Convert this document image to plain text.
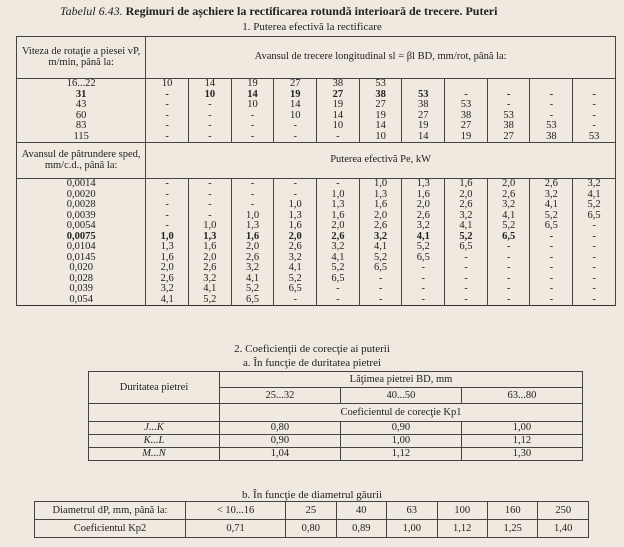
Tabelul 6.43. Regimuri de așchiere la rectificarea rotundă interioară de trecere. Puteri
1. Puterea efectivă la rectificare
Viteza de rotaţie a piesei vP, m/min, până la:	Avansul de trecere longitudinal sl = βl BD, mm/rot, până la:										
16...22	10	14	19	27	38	53					
31	-	10	14	19	27	38	53	-	-	-	-
43	-	-	10	14	19	27	38	53	-	-	-
60	-	-	-	10	14	19	27	38	53	-	-
83	-	-	-	-	10	14	19	27	38	53	-
115	-	-	-	-	-	10	14	19	27	38	53
Avansul de pătrundere sped, mm/c.d., până la:	Puterea efectivă Pe, kW										
0,0014	-	-	-	-	-	1,0	1,3	1,6	2,0	2,6	3,2
0,0020	-	-	-	-	1,0	1,3	1,6	2,0	2,6	3,2	4,1
0,0028	-	-	-	1,0	1,3	1,6	2,0	2,6	3,2	4,1	5,2
0,0039	-	-	1,0	1,3	1,6	2,0	2,6	3,2	4,1	5,2	6,5
0,0054	-	1,0	1,3	1,6	2,0	2,6	3,2	4,1	5,2	6,5	-
0,0075	1,0	1,3	1,6	2,0	2,6	3,2	4,1	5,2	6,5	-	-
0,0104	1,3	1,6	2,0	2,6	3,2	4,1	5,2	6,5	-	-	-
0,0145	1,6	2,0	2,6	3,2	4,1	5,2	6,5	-	-	-	-
0,020	2,0	2,6	3,2	4,1	5,2	6,5	-	-	-	-	-
0,028	2,6	3,2	4,1	5,2	6,5	-	-	-	-	-	-
0,039	3,2	4,1	5,2	6,5	-	-	-	-	-	-	-
0,054	4,1	5,2	6,5	-	-	-	-	-	-	-	-
2. Coeficienţii de corecţie ai puterii
a. În funcţie de duritatea pietrei
Duritatea pietrei	Lăţimea pietrei BD, mm		
	25...32	40...50	63...80
	Coeficientul de corecţie Kp1		
J...K	0,80	0,90	1,00
K...L	0,90	1,00	1,12
M...N	1,04	1,12	1,30
b. În funcţie de diametrul găurii
Diametrul dP, mm, până la:	< 10...16	25	40	63	100	160	250
Coeficientul Kp2	0,71	0,80	0,89	1,00	1,12	1,25	1,40
